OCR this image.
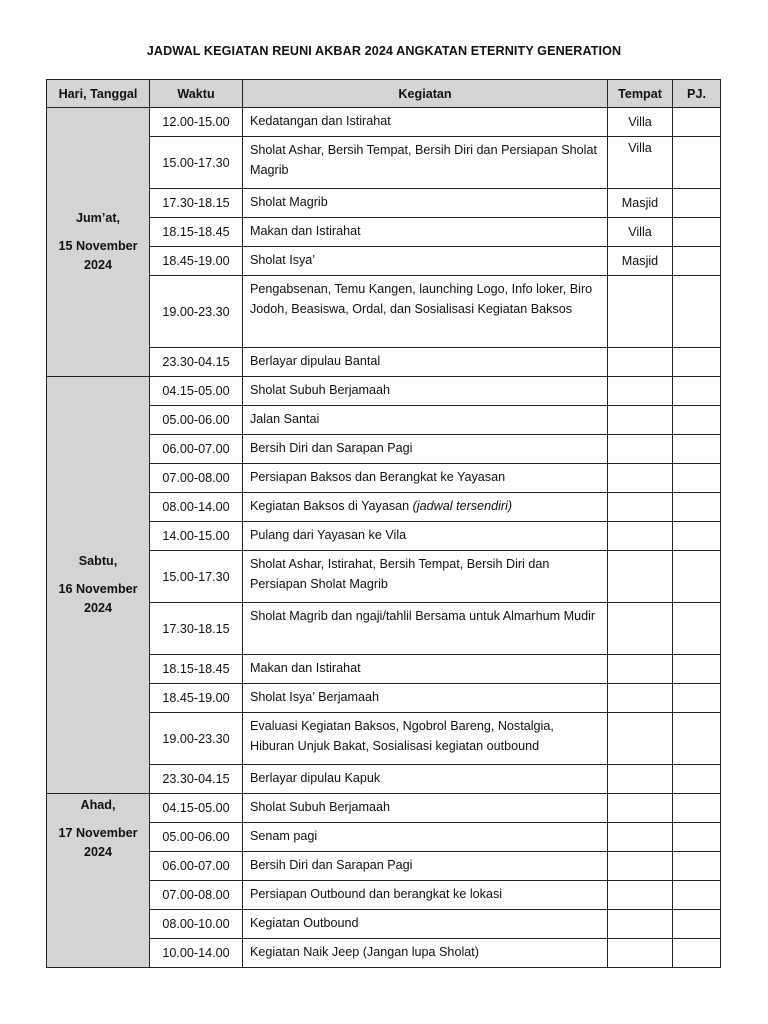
JADWAL KEGIATAN REUNI AKBAR 2024 ANGKATAN ETERNITY GENERATION
Hari, Tanggal	Waktu	Kegiatan	Tempat	PJ.

Jum’at,
15 November
2024	12.00-15.00	Kedatangan dan Istirahat	Villa	
	15.00-17.30	Sholat Ashar, Bersih Tempat, Bersih Diri dan Persiapan Sholat Magrib	Villa	
	17.30-18.15	Sholat Magrib	Masjid	
	18.15-18.45	Makan dan Istirahat	Villa	
	18.45-19.00	Sholat Isya’	Masjid	
	19.00-23.30	Pengabsenan, Temu Kangen, launching Logo, Info loker, Biro Jodoh, Beasiswa, Ordal, dan Sosialisasi Kegiatan Baksos		
	23.30-04.15	Berlayar dipulau Bantal		

Sabtu,
16 November
2024	04.15-05.00	Sholat Subuh Berjamaah		
	05.00-06.00	Jalan Santai		
	06.00-07.00	Bersih Diri dan Sarapan Pagi		
	07.00-08.00	Persiapan Baksos dan Berangkat ke Yayasan		
	08.00-14.00	Kegiatan Baksos di Yayasan (jadwal tersendiri)		
	14.00-15.00	Pulang dari Yayasan ke Vila		
	15.00-17.30	Sholat Ashar, Istirahat, Bersih Tempat, Bersih Diri dan Persiapan Sholat Magrib		
	17.30-18.15	Sholat Magrib dan ngaji/tahlil Bersama untuk Almarhum Mudir		
	18.15-18.45	Makan dan Istirahat		
	18.45-19.00	Sholat Isya’ Berjamaah		
	19.00-23.30	Evaluasi Kegiatan Baksos, Ngobrol Bareng, Nostalgia, Hiburan Unjuk Bakat, Sosialisasi kegiatan outbound		
	23.30-04.15	Berlayar dipulau Kapuk		

Ahad,
17 November
2024	04.15-05.00	Sholat Subuh Berjamaah		
	05.00-06.00	Senam pagi		
	06.00-07.00	Bersih Diri dan Sarapan Pagi		
	07.00-08.00	Persiapan Outbound dan berangkat ke lokasi		
	08.00-10.00	Kegiatan Outbound		
	10.00-14.00	Kegiatan Naik Jeep (Jangan lupa Sholat)		
